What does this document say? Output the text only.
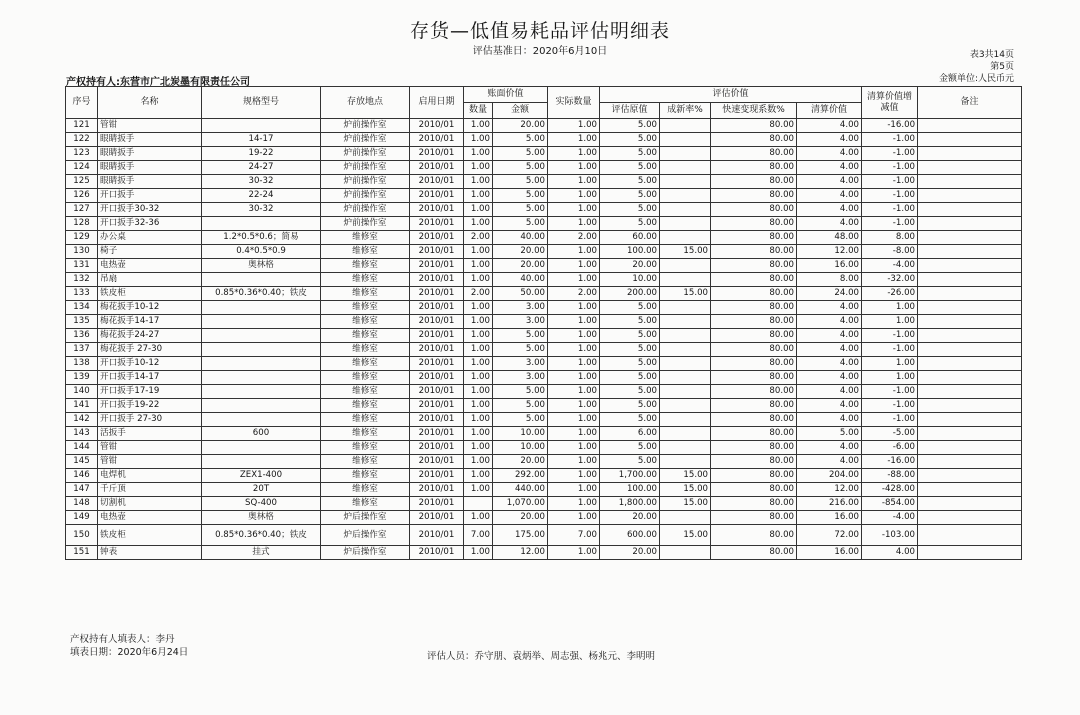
存货—低值易耗品评估明细表
评估基准日：2020年6月10日	表3共14页
第5页
金额单位:人民币元
产权持有人:东营市广北炭墨有限责任公司
序号	名称	规格型号	存放地点	启用日期	账面价值		实际数量	评估价值				清算价值增减值	备注
					数量	金额		评估原值	成新率%	快速变现系数%	清算价值		
121	管钳		炉前操作室	2010/01	1.00	20.00	1.00	5.00		80.00	4.00	-16.00	
122	眼睛扳手	14-17	炉前操作室	2010/01	1.00	5.00	1.00	5.00		80.00	4.00	-1.00	
123	眼睛扳手	19-22	炉前操作室	2010/01	1.00	5.00	1.00	5.00		80.00	4.00	-1.00	
124	眼睛扳手	24-27	炉前操作室	2010/01	1.00	5.00	1.00	5.00		80.00	4.00	-1.00	
125	眼睛扳手	30-32	炉前操作室	2010/01	1.00	5.00	1.00	5.00		80.00	4.00	-1.00	
126	开口扳手	22-24	炉前操作室	2010/01	1.00	5.00	1.00	5.00		80.00	4.00	-1.00	
127	开口扳手30-32	30-32	炉前操作室	2010/01	1.00	5.00	1.00	5.00		80.00	4.00	-1.00	
128	开口扳手32-36		炉前操作室	2010/01	1.00	5.00	1.00	5.00		80.00	4.00	-1.00	
129	办公桌	1.2*0.5*0.6；简易	维修室	2010/01	2.00	40.00	2.00	60.00		80.00	48.00	8.00	
130	椅子	0.4*0.5*0.9	维修室	2010/01	1.00	20.00	1.00	100.00	15.00	80.00	12.00	-8.00	
131	电热壶	奥林格	维修室	2010/01	1.00	20.00	1.00	20.00		80.00	16.00	-4.00	
132	吊扇		维修室	2010/01	1.00	40.00	1.00	10.00		80.00	8.00	-32.00	
133	铁皮柜	0.85*0.36*0.40；铁皮	维修室	2010/01	2.00	50.00	2.00	200.00	15.00	80.00	24.00	-26.00	
134	梅花扳手10-12		维修室	2010/01	1.00	3.00	1.00	5.00		80.00	4.00	1.00	
135	梅花扳手14-17		维修室	2010/01	1.00	3.00	1.00	5.00		80.00	4.00	1.00	
136	梅花扳手24-27		维修室	2010/01	1.00	5.00	1.00	5.00		80.00	4.00	-1.00	
137	梅花扳手 27-30		维修室	2010/01	1.00	5.00	1.00	5.00		80.00	4.00	-1.00	
138	开口扳手10-12		维修室	2010/01	1.00	3.00	1.00	5.00		80.00	4.00	1.00	
139	开口扳手14-17		维修室	2010/01	1.00	3.00	1.00	5.00		80.00	4.00	1.00	
140	开口扳手17-19		维修室	2010/01	1.00	5.00	1.00	5.00		80.00	4.00	-1.00	
141	开口扳手19-22		维修室	2010/01	1.00	5.00	1.00	5.00		80.00	4.00	-1.00	
142	开口扳手 27-30		维修室	2010/01	1.00	5.00	1.00	5.00		80.00	4.00	-1.00	
143	活扳手	600	维修室	2010/01	1.00	10.00	1.00	6.00		80.00	5.00	-5.00	
144	管钳		维修室	2010/01	1.00	10.00	1.00	5.00		80.00	4.00	-6.00	
145	管钳		维修室	2010/01	1.00	20.00	1.00	5.00		80.00	4.00	-16.00	
146	电焊机	ZEX1-400	维修室	2010/01	1.00	292.00	1.00	1,700.00	15.00	80.00	204.00	-88.00	
147	千斤顶	20T	维修室	2010/01	1.00	440.00	1.00	100.00	15.00	80.00	12.00	-428.00	
148	切割机	SQ-400	维修室	2010/01		1,070.00	1.00	1,800.00	15.00	80.00	216.00	-854.00	
149	电热壶	奥林格	炉后操作室	2010/01	1.00	20.00	1.00	20.00		80.00	16.00	-4.00	
150	铁皮柜	0.85*0.36*0.40；铁皮	炉后操作室	2010/01	7.00	175.00	7.00	600.00	15.00	80.00	72.00	-103.00	
151	钟表	挂式	炉后操作室	2010/01	1.00	12.00	1.00	20.00		80.00	16.00	4.00	
产权持有人填表人：李丹
填表日期：2020年6月24日	评估人员：乔守朋、袁炳举、周志强、杨兆元、李明明
